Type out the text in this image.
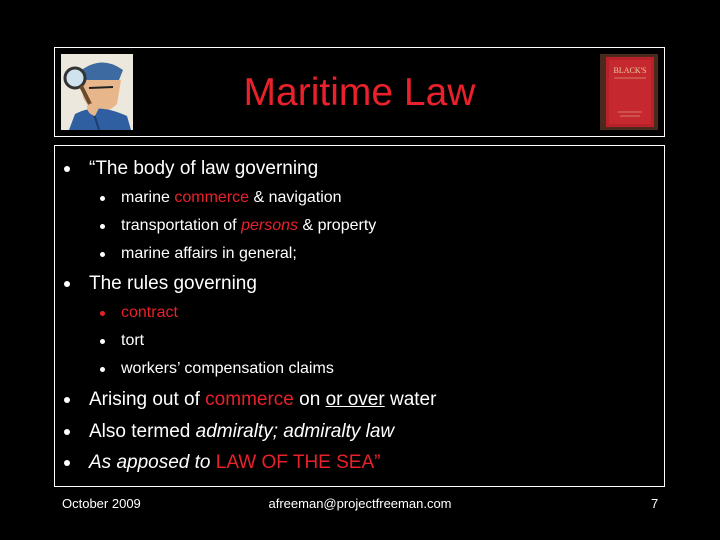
Maritime Law
BLACK'S
“The body of law governing
marine commerce & navigation
transportation of persons & property
marine affairs in general;
The rules governing
contract
tort
workers’ compensation claims
Arising out of commerce on or over water
Also termed admiralty; admiralty law
As apposed to LAW OF THE SEA”
October 2009	afreeman@projectfreeman.com	7
